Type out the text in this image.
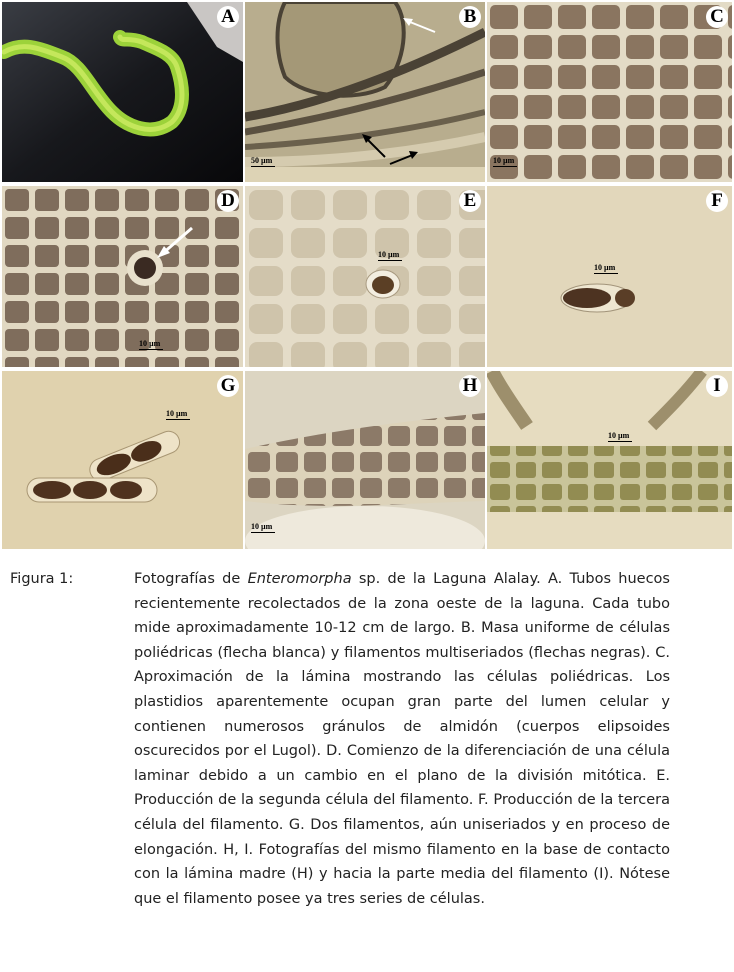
A	B
50 µm
C
10 µm
D
10 µm
E
10 µm
F
10 µm
G
10 µm
H
10 µm
I
10 µm
Figura 1:	Fotografías de Enteromorpha sp. de la Laguna Alalay. A. Tubos huecos recientemente recolectados de la zona oeste de la laguna. Cada tubo mide aproximadamente 10-12 cm de largo. B. Masa uniforme de células poliédricas (flecha blanca) y filamentos multiseriados (flechas negras). C. Aproximación de la lámina mostrando las células poliédricas. Los plastidios aparentemente ocupan gran parte del lumen celular y contienen numerosos gránulos de almidón (cuerpos elipsoides oscurecidos por el Lugol). D. Comienzo de la diferenciación de una célula laminar debido a un cambio en el plano de la división mitótica. E. Producción de la segunda célula del filamento. F. Producción de la tercera célula del filamento. G. Dos filamentos, aún uniseriados y en proceso de elongación. H, I. Fotografías del mismo filamento en la base de contacto con la lámina madre (H) y hacia la parte media del filamento (I). Nótese que el filamento posee ya tres series de células.
